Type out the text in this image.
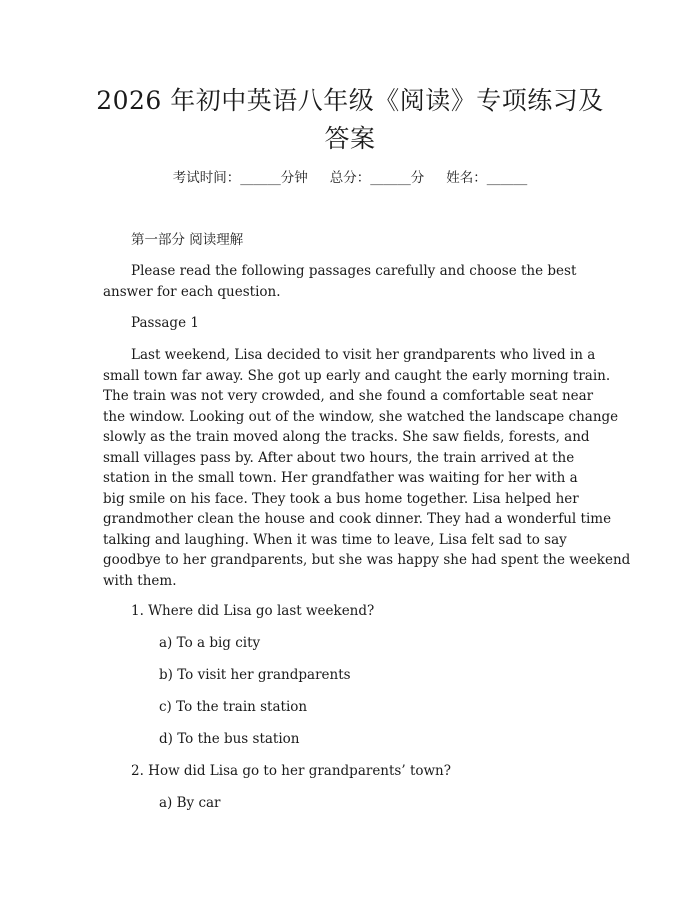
2026 年初中英语八年级《阅读》专项练习及
答案
考试时间：______分钟 总分：______分 姓名：______
第一部分 阅读理解
Please read the following passages carefully and choose the best
answer for each question.
Passage 1
Last weekend, Lisa decided to visit her grandparents who lived in a
small town far away. She got up early and caught the early morning train.
The train was not very crowded, and she found a comfortable seat near
the window. Looking out of the window, she watched the landscape change
slowly as the train moved along the tracks. She saw fields, forests, and
small villages pass by. After about two hours, the train arrived at the
station in the small town. Her grandfather was waiting for her with a
big smile on his face. They took a bus home together. Lisa helped her
grandmother clean the house and cook dinner. They had a wonderful time
talking and laughing. When it was time to leave, Lisa felt sad to say
goodbye to her grandparents, but she was happy she had spent the weekend
with them.
1. Where did Lisa go last weekend?
a) To a big city
b) To visit her grandparents
c) To the train station
d) To the bus station
2. How did Lisa go to her grandparents’ town?
a) By car
